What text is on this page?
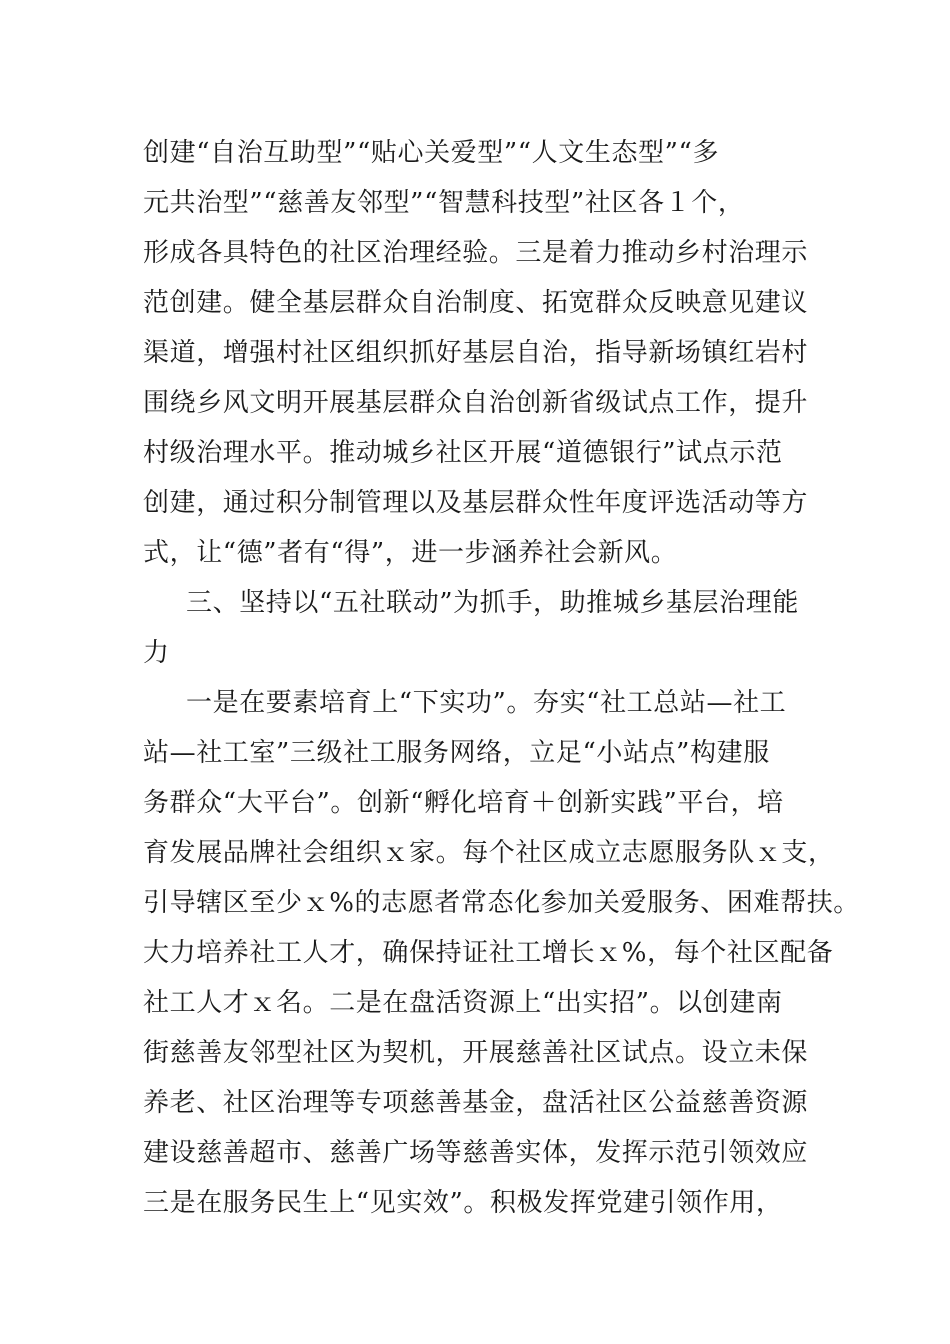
创建“自治互助型”“贴心关爱型”“人文生态型”“多
元共治型”“慈善友邻型”“智慧科技型”社区各１个，
形成各具特色的社区治理经验。三是着力推动乡村治理示
范创建。健全基层群众自治制度、拓宽群众反映意见建议
渠道，增强村社区组织抓好基层自治，指导新场镇红岩村
围绕乡风文明开展基层群众自治创新省级试点工作，提升
村级治理水平。推动城乡社区开展“道德银行”试点示范
创建，通过积分制管理以及基层群众性年度评选活动等方
式，让“德”者有“得”，进一步涵养社会新风。
三、坚持以“五社联动”为抓手，助推城乡基层治理能
力
一是在要素培育上“下实功”。夯实“社工总站—社工
站—社工室”三级社工服务网络，立足“小站点”构建服
务群众“大平台”。创新“孵化培育＋创新实践”平台，培
育发展品牌社会组织ｘ家。每个社区成立志愿服务队ｘ支，
引导辖区至少ｘ%的志愿者常态化参加关爱服务、困难帮扶。
大力培养社工人才，确保持证社工增长ｘ%，每个社区配备
社工人才ｘ名。二是在盘活资源上“出实招”。以创建南
街慈善友邻型社区为契机，开展慈善社区试点。设立未保
养老、社区治理等专项慈善基金，盘活社区公益慈善资源
建设慈善超市、慈善广场等慈善实体，发挥示范引领效应
三是在服务民生上“见实效”。积极发挥党建引领作用，
